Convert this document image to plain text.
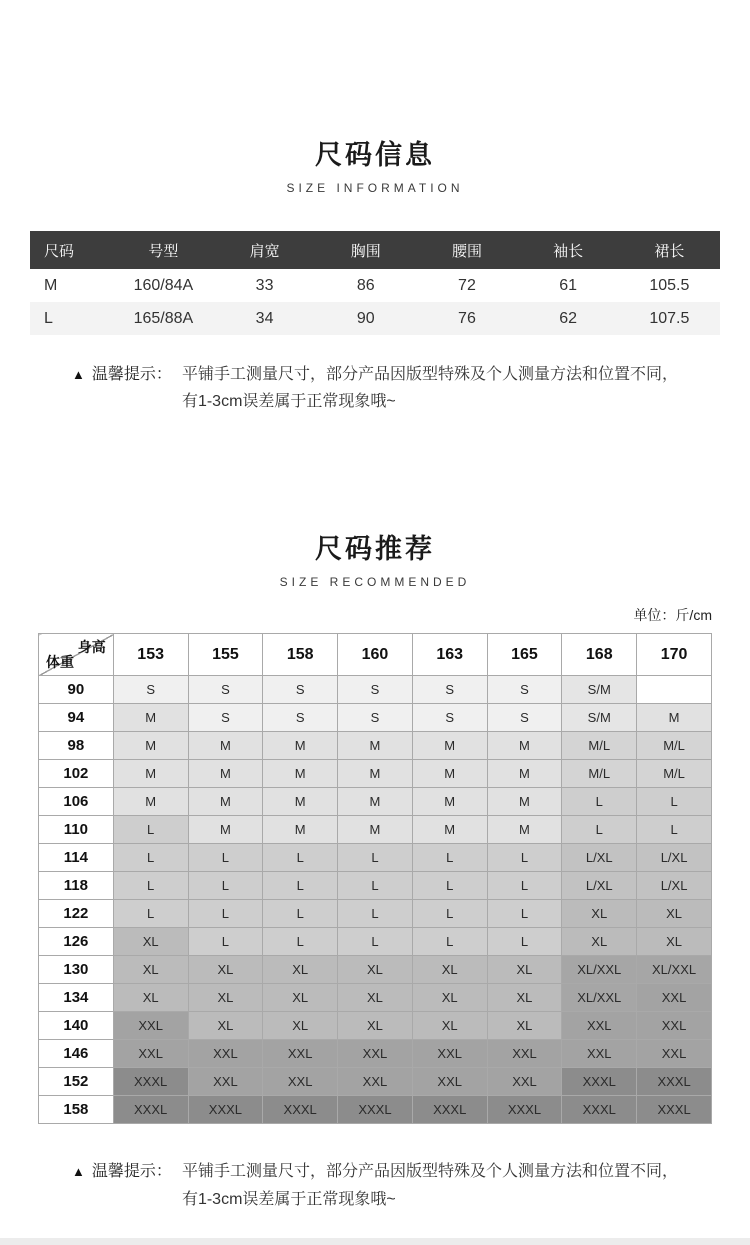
尺码信息
SIZE INFORMATION
尺码	号型	肩宽	胸围	腰围	袖长	裙长
M	160/84A	33	86	72	61	105.5
L	165/88A	34	90	76	62	107.5
▲ 温馨提示： 平铺手工测量尺寸，部分产品因版型特殊及个人测量方法和位置不同，
有1-3cm误差属于正常现象哦~
尺码推荐
SIZE RECOMMENDED
单位：斤/cm
身高
体重	153	155	158	160	163	165	168	170
90	S	S	S	S	S	S	S/M	
94	M	S	S	S	S	S	S/M	M
98	M	M	M	M	M	M	M/L	M/L
102	M	M	M	M	M	M	M/L	M/L
106	M	M	M	M	M	M	L	L
110	L	M	M	M	M	M	L	L
114	L	L	L	L	L	L	L/XL	L/XL
118	L	L	L	L	L	L	L/XL	L/XL
122	L	L	L	L	L	L	XL	XL
126	XL	L	L	L	L	L	XL	XL
130	XL	XL	XL	XL	XL	XL	XL/XXL	XL/XXL
134	XL	XL	XL	XL	XL	XL	XL/XXL	XXL
140	XXL	XL	XL	XL	XL	XL	XXL	XXL
146	XXL	XXL	XXL	XXL	XXL	XXL	XXL	XXL
152	XXXL	XXL	XXL	XXL	XXL	XXL	XXXL	XXXL
158	XXXL	XXXL	XXXL	XXXL	XXXL	XXXL	XXXL	XXXL
▲ 温馨提示： 平铺手工测量尺寸，部分产品因版型特殊及个人测量方法和位置不同，
有1-3cm误差属于正常现象哦~
